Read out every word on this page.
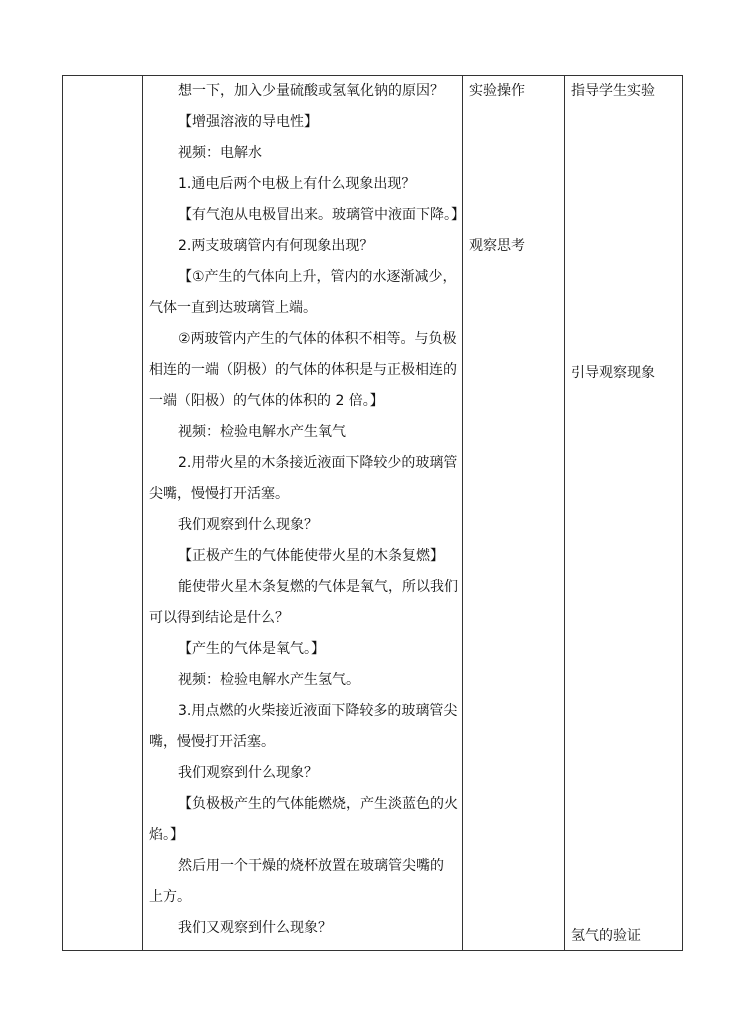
想一下，加入少量硫酸或氢氧化钠的原因？
【增强溶液的导电性】
视频：电解水
1.通电后两个电极上有什么现象出现？
【有气泡从电极冒出来。玻璃管中液面下降。】
2.两支玻璃管内有何现象出现？
【①产生的气体向上升，管内的水逐渐减少，
气体一直到达玻璃管上端。
②两玻管内产生的气体的体积不相等。与负极
相连的一端（阴极）的气体的体积是与正极相连的
一端（阳极）的气体的体积的 2 倍。】
视频：检验电解水产生氧气
2.用带火星的木条接近液面下降较少的玻璃管
尖嘴，慢慢打开活塞。
我们观察到什么现象？
【正极产生的气体能使带火星的木条复燃】
能使带火星木条复燃的气体是氧气，所以我们
可以得到结论是什么？
【产生的气体是氧气。】
视频：检验电解水产生氢气。
3.用点燃的火柴接近液面下降较多的玻璃管尖
嘴，慢慢打开活塞。
我们观察到什么现象？
【负极极产生的气体能燃烧，产生淡蓝色的火
焰。】
然后用一个干燥的烧杯放置在玻璃管尖嘴的
上方。
我们又观察到什么现象？
实验操作
观察思考
指导学生实验
引导观察现象
氢气的验证
